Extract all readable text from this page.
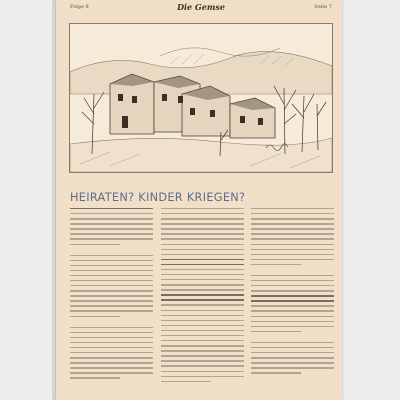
Folge 8	Die Gemse	Seite 7
HEIRATEN? KINDER KRIEGEN?
